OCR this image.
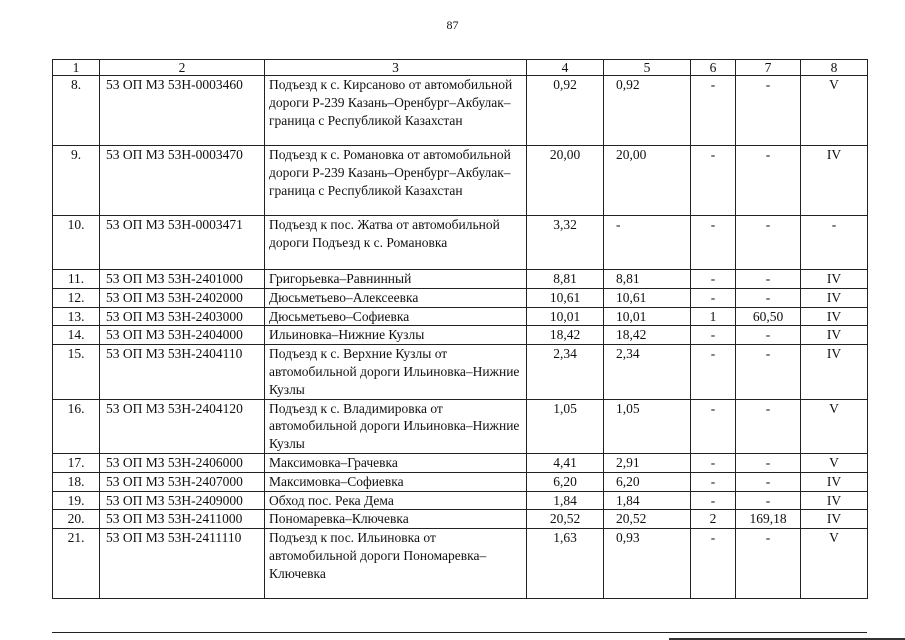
87
1	2	3	4	5	6	7	8
8.	53 ОП МЗ 53Н-0003460	Подъезд к с. Кирсаново от автомобильной дороги Р-239 Казань–Оренбург–Акбулак–граница с Республикой Казахстан	0,92	0,92	-	-	V
9.	53 ОП МЗ 53Н-0003470	Подъезд к с. Романовка от автомобильной дороги Р-239 Казань–Оренбург–Акбулак–граница с Республикой Казахстан	20,00	20,00	-	-	IV
10.	53 ОП МЗ 53Н-0003471	Подъезд к пос. Жатва от автомобильной дороги Подъезд к с. Романовка	3,32	-	-	-	-
11.	53 ОП МЗ 53Н-2401000	Григорьевка–Равнинный	8,81	8,81	-	-	IV
12.	53 ОП МЗ 53Н-2402000	Дюсьметьево–Алексеевка	10,61	10,61	-	-	IV
13.	53 ОП МЗ 53Н-2403000	Дюсьметьево–Софиевка	10,01	10,01	1	60,50	IV
14.	53 ОП МЗ 53Н-2404000	Ильиновка–Нижние Кузлы	18,42	18,42	-	-	IV
15.	53 ОП МЗ 53Н-2404110	Подъезд к с. Верхние Кузлы от автомобильной дороги Ильиновка–Нижние Кузлы	2,34	2,34	-	-	IV
16.	53 ОП МЗ 53Н-2404120	Подъезд к с. Владимировка от автомобильной дороги Ильиновка–Нижние Кузлы	1,05	1,05	-	-	V
17.	53 ОП МЗ 53Н-2406000	Максимовка–Грачевка	4,41	2,91	-	-	V
18.	53 ОП МЗ 53Н-2407000	Максимовка–Софиевка	6,20	6,20	-	-	IV
19.	53 ОП МЗ 53Н-2409000	Обход пос. Река Дема	1,84	1,84	-	-	IV
20.	53 ОП МЗ 53Н-2411000	Пономаревка–Ключевка	20,52	20,52	2	169,18	IV
21.	53 ОП МЗ 53Н-2411110	Подъезд к пос. Ильиновка от автомобильной дороги Пономаревка–Ключевка	1,63	0,93	-	-	V
